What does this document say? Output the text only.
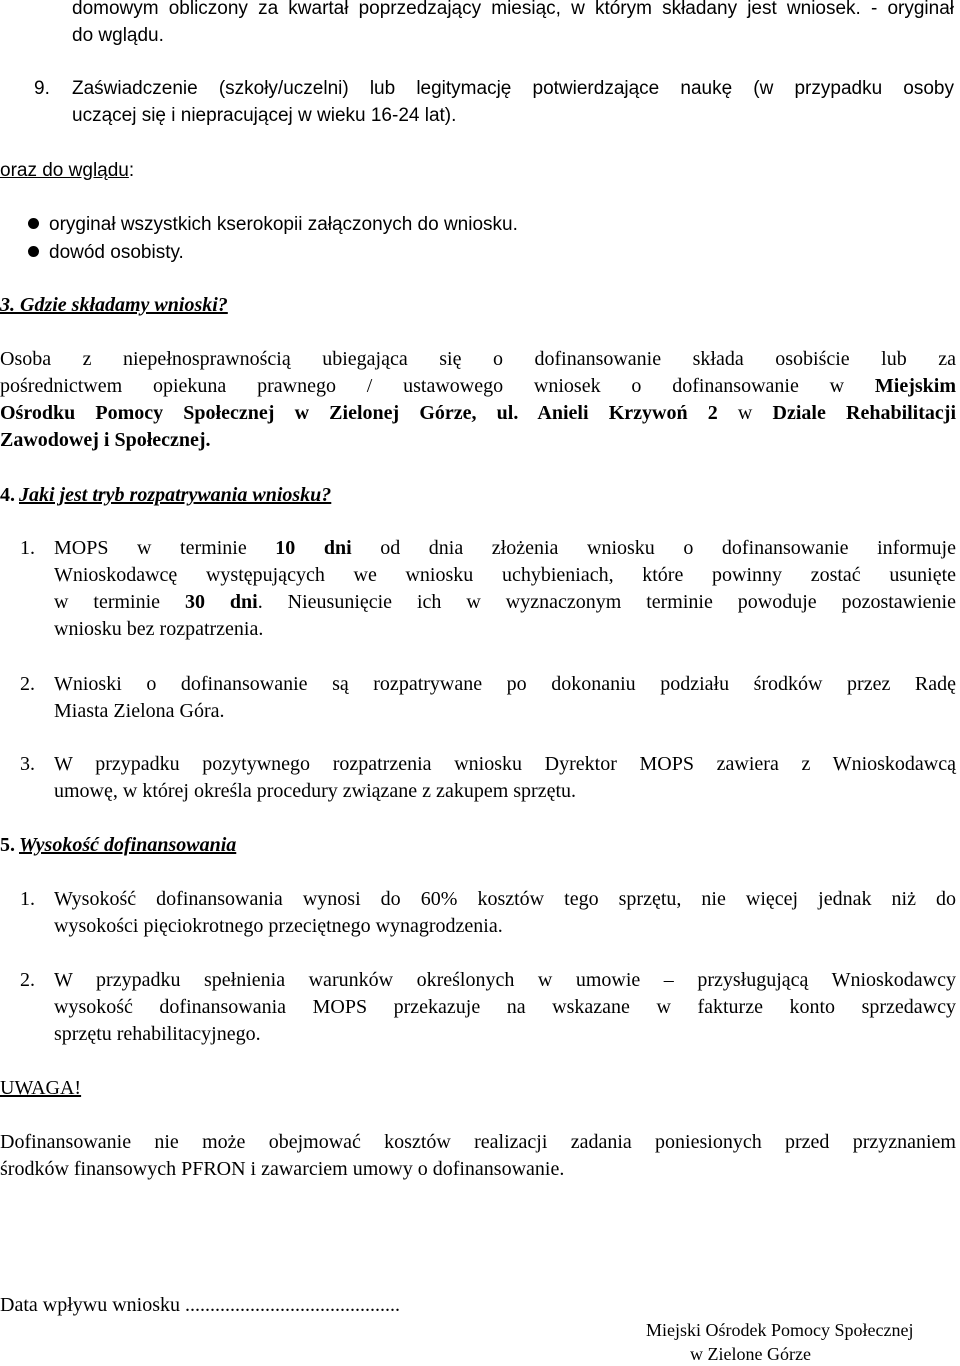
domowym obliczony za kwartał poprzedzający miesiąc, w którym składany jest wniosek. - oryginał
do wglądu.
9.	Zaświadczenie (szkoły/uczelni) lub legitymację potwierdzające naukę (w przypadku osoby
uczącej się i niepracującej w wieku 16-24 lat).
oraz do wglądu:
oryginał wszystkich kserokopii załączonych do wniosku.
dowód osobisty.
3. Gdzie składamy wnioski?
Osoba z niepełnosprawnością ubiegająca się o dofinansowanie składa osobiście lub za
pośrednictwem opiekuna prawnego / ustawowego wniosek o dofinansowanie w Miejskim
Ośrodku Pomocy Społecznej w Zielonej Górze, ul. Anieli Krzywoń 2 w Dziale Rehabilitacji
Zawodowej i Społecznej.
4. Jaki jest tryb rozpatrywania wniosku?
1. MOPS w terminie 10 dni od dnia złożenia wniosku o dofinansowanie informuje
Wnioskodawcę występujących we wniosku uchybieniach, które powinny zostać usunięte
w terminie 30 dni. Nieusunięcie ich w wyznaczonym terminie powoduje pozostawienie
wniosku bez rozpatrzenia.
2. Wnioski o dofinansowanie są rozpatrywane po dokonaniu podziału środków przez Radę
Miasta Zielona Góra.
3. W przypadku pozytywnego rozpatrzenia wniosku Dyrektor MOPS zawiera z Wnioskodawcą
umowę, w której określa procedury związane z zakupem sprzętu.
5. Wysokość dofinansowania
1. Wysokość dofinansowania wynosi do 60% kosztów tego sprzętu, nie więcej jednak niż do
wysokości pięciokrotnego przeciętnego wynagrodzenia.
2. W przypadku spełnienia warunków określonych w umowie – przysługującą Wnioskodawcy
wysokość dofinansowania MOPS przekazuje na wskazane w fakturze konto sprzedawcy
sprzętu rehabilitacyjnego.
UWAGA!
Dofinansowanie nie może obejmować kosztów realizacji zadania poniesionych przed przyznaniem
środków finansowych PFRON i zawarciem umowy o dofinansowanie.
Data wpływu wniosku ...........................................
Miejski Ośrodek Pomocy Społecznej
w Zielone Górze
